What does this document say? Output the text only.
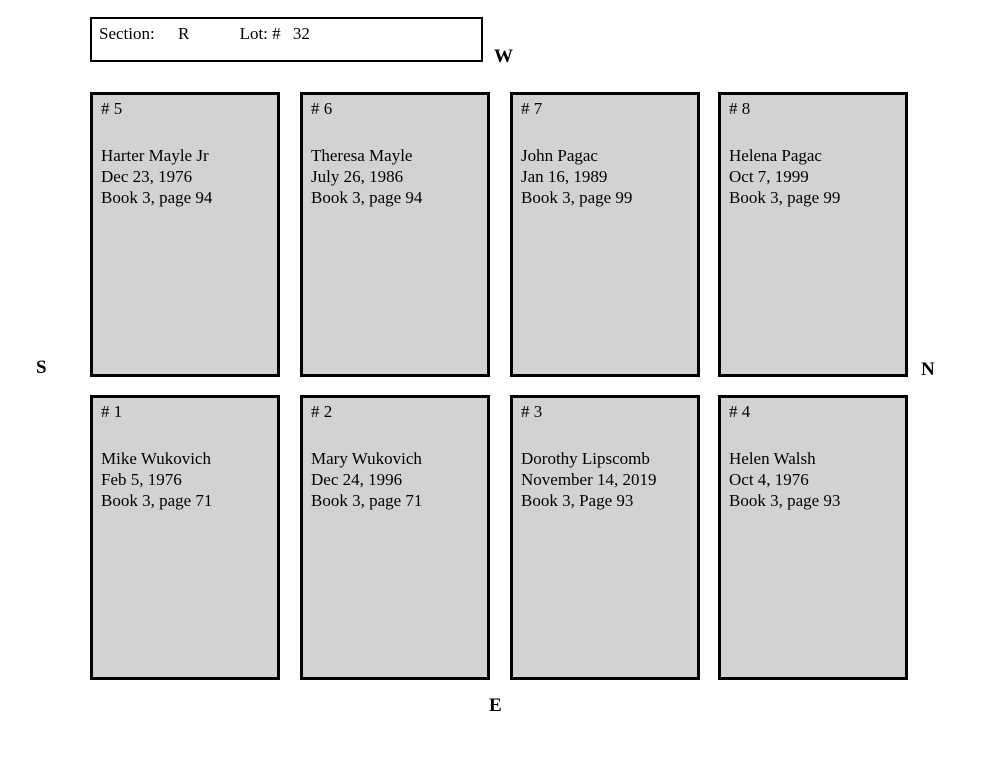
Section: R	Lot: # 32
W
S	N
E
# 5
Harter Mayle Jr
Dec 23, 1976
Book 3, page 94
# 6
Theresa Mayle
July 26, 1986
Book 3, page 94
# 7
John Pagac
Jan 16, 1989
Book 3, page 99
# 8
Helena Pagac
Oct 7, 1999
Book 3, page 99
# 1
Mike Wukovich
Feb 5, 1976
Book 3, page 71
# 2
Mary Wukovich
Dec 24, 1996
Book 3, page 71
# 3
Dorothy Lipscomb
November 14, 2019
Book 3, Page 93
# 4
Helen Walsh
Oct 4, 1976
Book 3, page 93
